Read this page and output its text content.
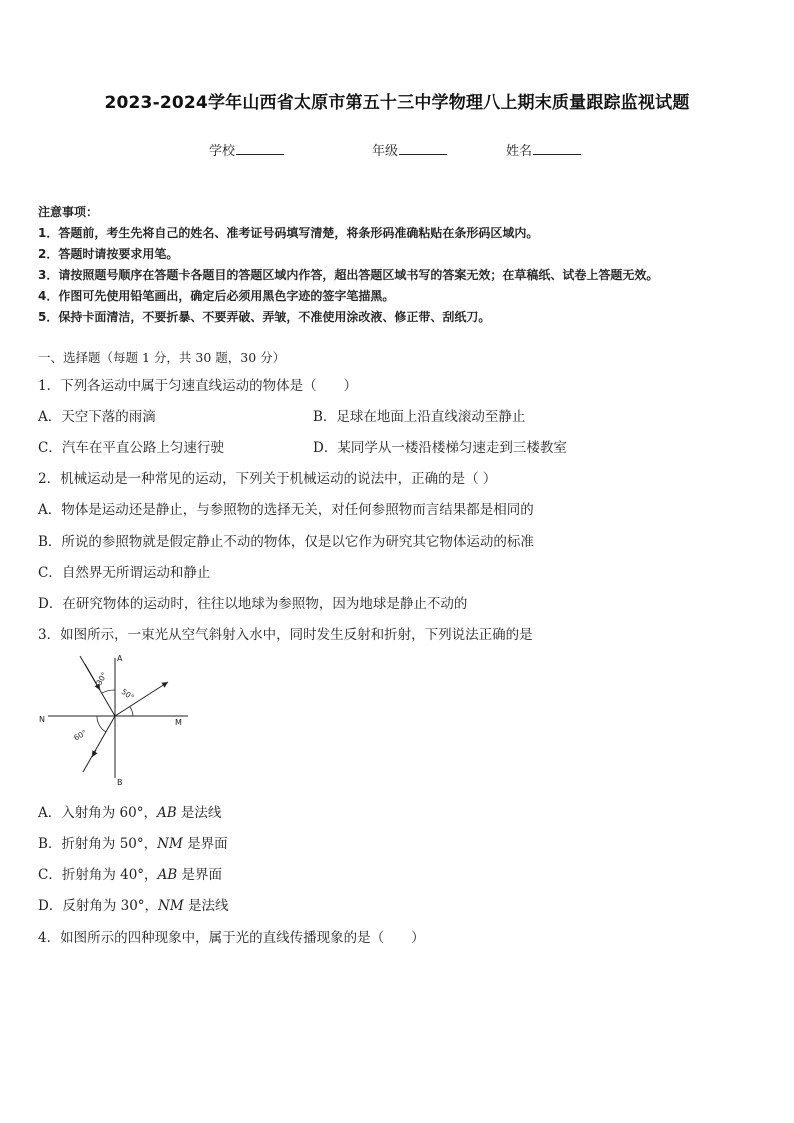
2023-2024学年山西省太原市第五十三中学物理八上期末质量跟踪监视试题
学校	年级	姓名
注意事项：
1．答题前，考生先将自己的姓名、准考证号码填写清楚，将条形码准确粘贴在条形码区域内。
2．答题时请按要求用笔。
3．请按照题号顺序在答题卡各题目的答题区域内作答，超出答题区域书写的答案无效；在草稿纸、试卷上答题无效。
4．作图可先使用铅笔画出，确定后必须用黑色字迹的签字笔描黑。
5．保持卡面清洁，不要折暴、不要弄破、弄皱，不准使用涂改液、修正带、刮纸刀。
一、选择题（每题 1 分，共 30 题，30 分）
1．下列各运动中属于匀速直线运动的物体是（　　）
A．天空下落的雨滴	B．足球在地面上沿直线滚动至静止
C．汽车在平直公路上匀速行驶	D．某同学从一楼沿楼梯匀速走到三楼教室
2．机械运动是一种常见的运动，下列关于机械运动的说法中，正确的是（ ）
A．物体是运动还是静止，与参照物的选择无关，对任何参照物而言结果都是相同的
B．所说的参照物就是假定静止不动的物体，仅是以它作为研究其它物体运动的标准
C．自然界无所谓运动和静止
D．在研究物体的运动时，往往以地球为参照物，因为地球是静止不动的
3．如图所示，一束光从空气斜射入水中，同时发生反射和折射，下列说法正确的是
A
B
N	M
30°
50°
60°
A．入射角为 60°，AB 是法线
B．折射角为 50°，NM 是界面
C．折射角为 40°，AB 是界面
D．反射角为 30°，NM 是法线
4．如图所示的四种现象中，属于光的直线传播现象的是（　　）
